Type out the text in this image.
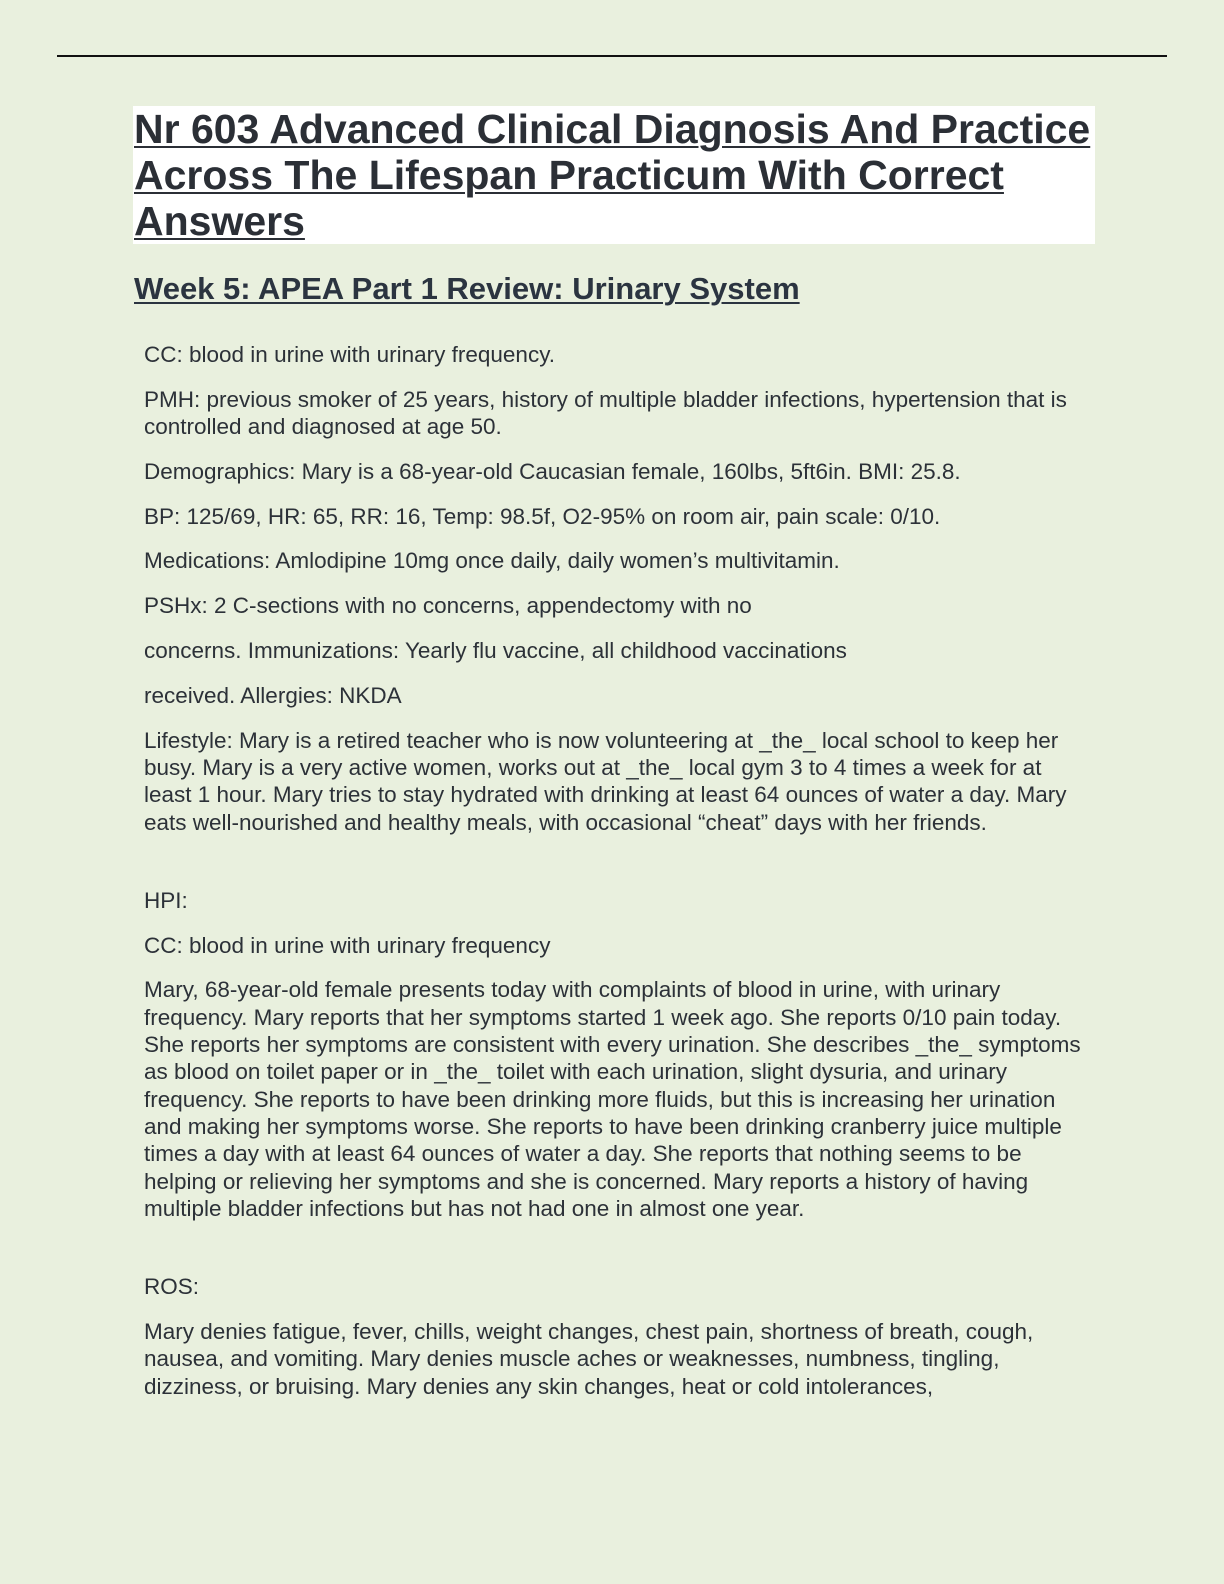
Nr 603 Advanced Clinical Diagnosis And Practice
Across The Lifespan Practicum With Correct
Answers
Week 5: APEA Part 1 Review: Urinary System

CC: blood in urine with urinary frequency.

PMH: previous smoker of 25 years, history of multiple bladder infections, hypertension that is controlled and diagnosed at age 50.

Demographics: Mary is a 68-year-old Caucasian female, 160lbs, 5ft6in. BMI: 25.8.

BP: 125/69, HR: 65, RR: 16, Temp: 98.5f, O2-95% on room air, pain scale: 0/10.

Medications: Amlodipine 10mg once daily, daily women’s multivitamin.

PSHx: 2 C-sections with no concerns, appendectomy with no

concerns. Immunizations: Yearly flu vaccine, all childhood vaccinations

received. Allergies: NKDA

Lifestyle: Mary is a retired teacher who is now volunteering at _the_ local school to keep her busy. Mary is a very active women, works out at _the_ local gym 3 to 4 times a week for at least 1 hour. Mary tries to stay hydrated with drinking at least 64 ounces of water a day. Mary eats well-nourished and healthy meals, with occasional “cheat” days with her friends.

HPI:

CC: blood in urine with urinary frequency

Mary, 68-year-old female presents today with complaints of blood in urine, with urinary frequency. Mary reports that her symptoms started 1 week ago. She reports 0/10 pain today. She reports her symptoms are consistent with every urination. She describes _the_ symptoms as blood on toilet paper or in _the_ toilet with each urination, slight dysuria, and urinary frequency. She reports to have been drinking more fluids, but this is increasing her urination and making her symptoms worse. She reports to have been drinking cranberry juice multiple times a day with at least 64 ounces of water a day. She reports that nothing seems to be helping or relieving her symptoms and she is concerned. Mary reports a history of having multiple bladder infections but has not had one in almost one year.

ROS:

Mary denies fatigue, fever, chills, weight changes, chest pain, shortness of breath, cough, nausea, and vomiting. Mary denies muscle aches or weaknesses, numbness, tingling, dizziness, or bruising. Mary denies any skin changes, heat or cold intolerances,
